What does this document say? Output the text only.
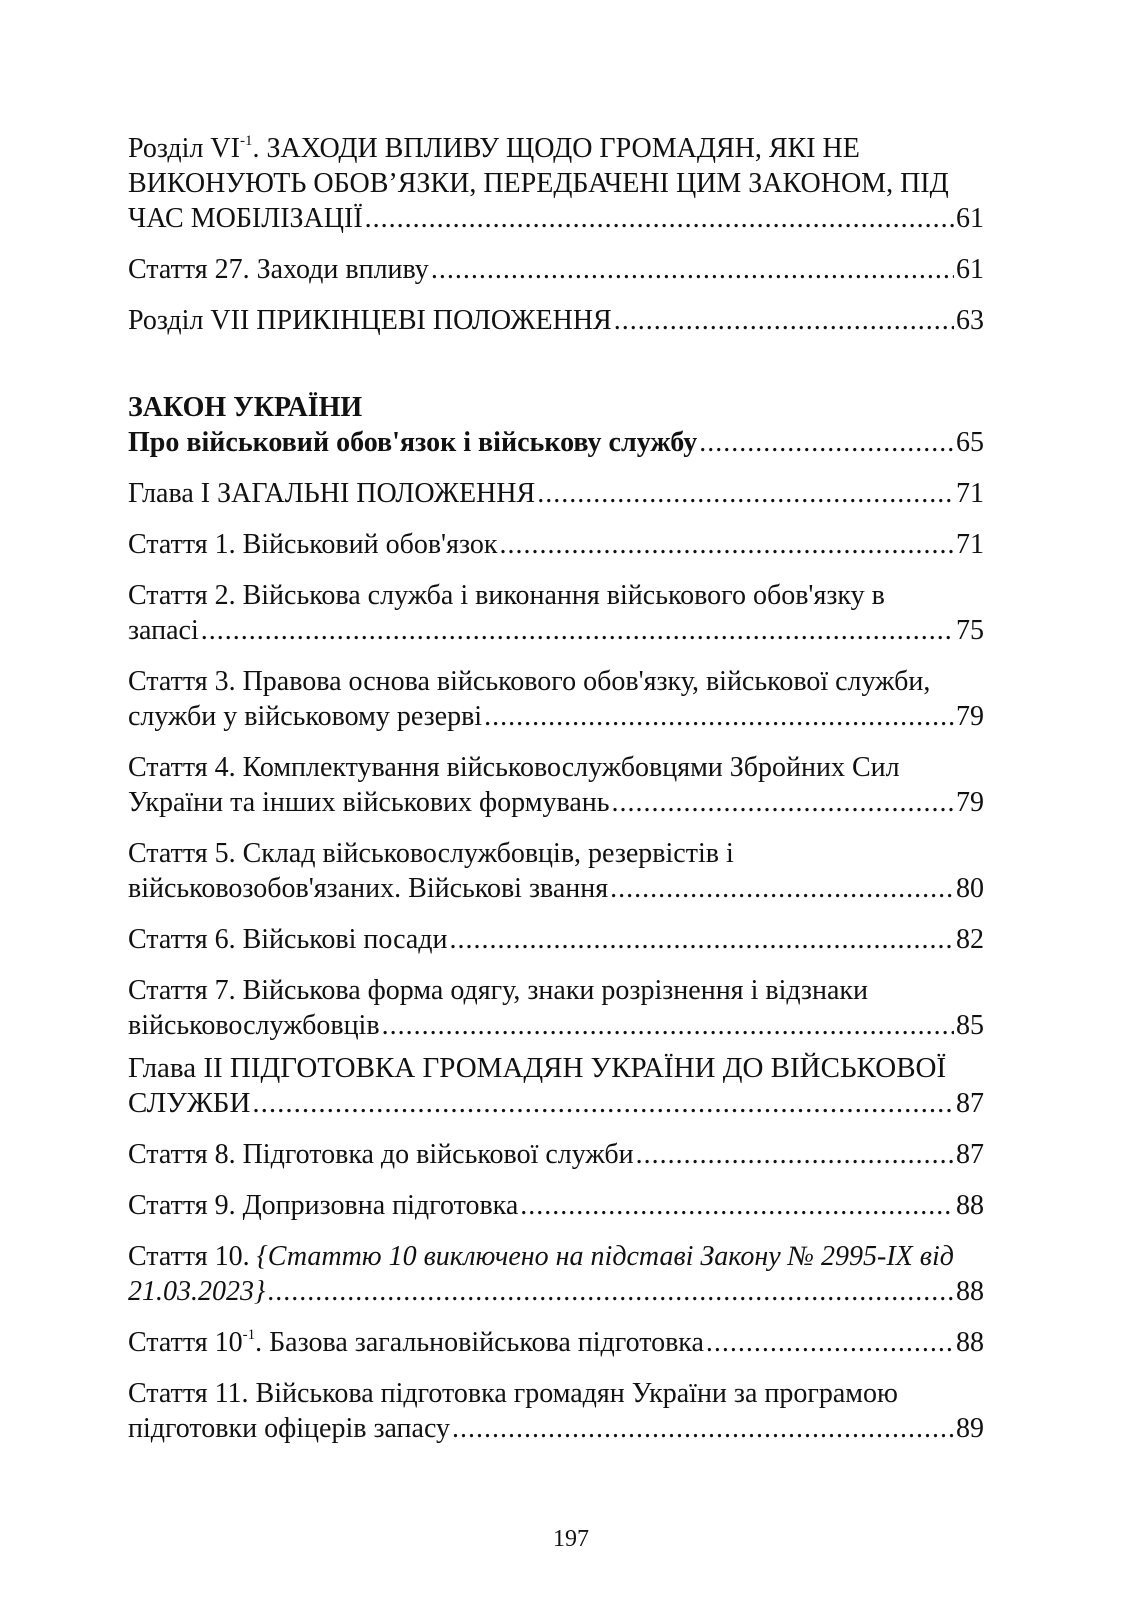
Розділ $VI^{-1}$. ЗАХОДИ ВПЛИВУ ЩОДО ГРОМАДЯН, ЯКІ НЕ
ВИКОНУЮТЬ ОБОВ’ЯЗКИ, ПЕРЕДБАЧЕНІ ЦИМ ЗАКОНОМ, ПІД
ЧАС МОБІЛІЗАЦІЇ .....	61
Стаття 27. Заходи впливу .....	61
Розділ VII ПРИКІНЦЕВІ ПОЛОЖЕННЯ .....	63
ЗАКОН УКРАЇНИ
Про військовий обов'язок і військову службу .....	65
Глава I ЗАГАЛЬНІ ПОЛОЖЕННЯ .....	71
Стаття 1. Військовий обов'язок .....	71
Стаття 2. Військова служба і виконання військового обов'язку в
запасі .....	75
Стаття 3. Правова основа військового обов'язку, військової служби,
служби у військовому резерві .....	79
Стаття 4. Комплектування військовослужбовцями Збройних Сил
України та інших військових формувань .....	79
Стаття 5. Склад військовослужбовців, резервістів і
військовозобов'язаних. Військові звання .....	80
Стаття 6. Військові посади .....	82
Стаття 7. Військова форма одягу, знаки розрізнення і відзнаки
військовослужбовців .....	85
Глава II ПІДГОТОВКА ГРОМАДЯН УКРАЇНИ ДО ВІЙСЬКОВОЇ
СЛУЖБИ .....	87
Стаття 8. Підготовка до військової служби .....	87
Стаття 9. Допризовна підготовка .....	88
Стаття 10. {Статтю 10 виключено на підставі Закону № 2995-IX від
21.03.2023} .....	88
Стаття $10^{-1}$. Базова загальновійськова підготовка .....	88
Стаття 11. Військова підготовка громадян України за програмою
підготовки офіцерів запасу .....	89
197
